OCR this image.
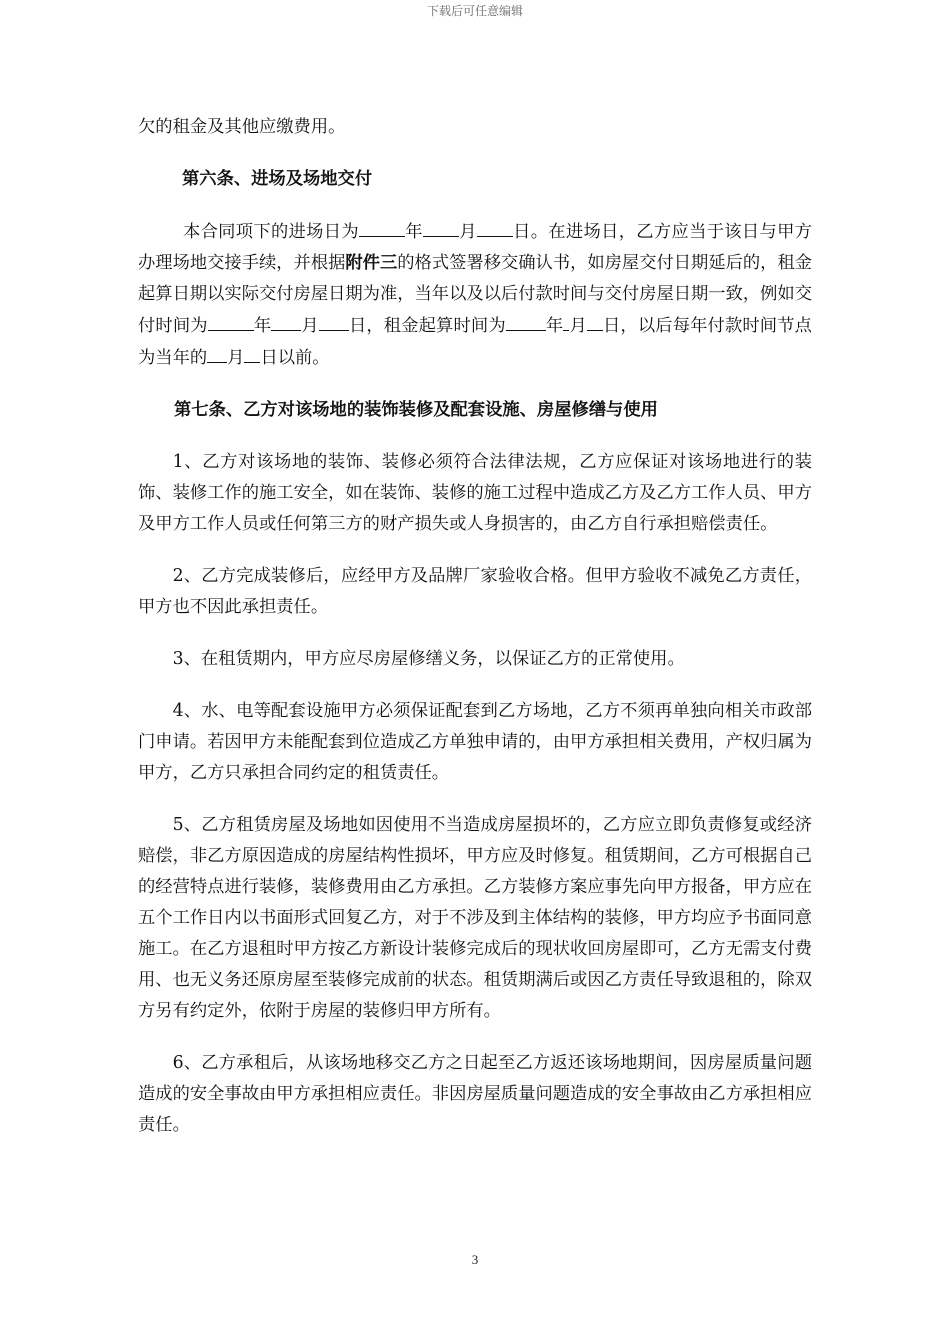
下载后可任意编辑

欠的租金及其他应缴费用。

第六条、进场及场地交付

本合同项下的进场日为	年 月 日。在进场日，乙方应当于该日与甲方办理场地交接手续，并根据附件三的格式签署移交确认书，如房屋交付日期延后的，租金起算日期以实际交付房屋日期为准，当年以及以后付款时间与交付房屋日期一致，例如交付时间为	年 月 日，租金起算时间为 年 月 日，以后每年付款时间节点为当年的 月 日以前。

第七条、乙方对该场地的装饰装修及配套设施、房屋修缮与使用

1、乙方对该场地的装饰、装修必须符合法律法规，乙方应保证对该场地进行的装饰、装修工作的施工安全，如在装饰、装修的施工过程中造成乙方及乙方工作人员、甲方及甲方工作人员或任何第三方的财产损失或人身损害的，由乙方自行承担赔偿责任。

2、乙方完成装修后，应经甲方及品牌厂家验收合格。但甲方验收不减免乙方责任，甲方也不因此承担责任。

3、在租赁期内，甲方应尽房屋修缮义务，以保证乙方的正常使用。

4、水、电等配套设施甲方必须保证配套到乙方场地，乙方不须再单独向相关市政部门申请。若因甲方未能配套到位造成乙方单独申请的，由甲方承担相关费用，产权归属为甲方，乙方只承担合同约定的租赁责任。

5、乙方租赁房屋及场地如因使用不当造成房屋损坏的，乙方应立即负责修复或经济赔偿，非乙方原因造成的房屋结构性损坏，甲方应及时修复。租赁期间，乙方可根据自己的经营特点进行装修，装修费用由乙方承担。乙方装修方案应事先向甲方报备，甲方应在五个工作日内以书面形式回复乙方，对于不涉及到主体结构的装修，甲方均应予书面同意施工。在乙方退租时甲方按乙方新设计装修完成后的现状收回房屋即可，乙方无需支付费用、也无义务还原房屋至装修完成前的状态。租赁期满后或因乙方责任导致退租的，除双方另有约定外，依附于房屋的装修归甲方所有。

6、乙方承租后，从该场地移交乙方之日起至乙方返还该场地期间，因房屋质量问题造成的安全事故由甲方承担相应责任。非因房屋质量问题造成的安全事故由乙方承担相应责任。

3
